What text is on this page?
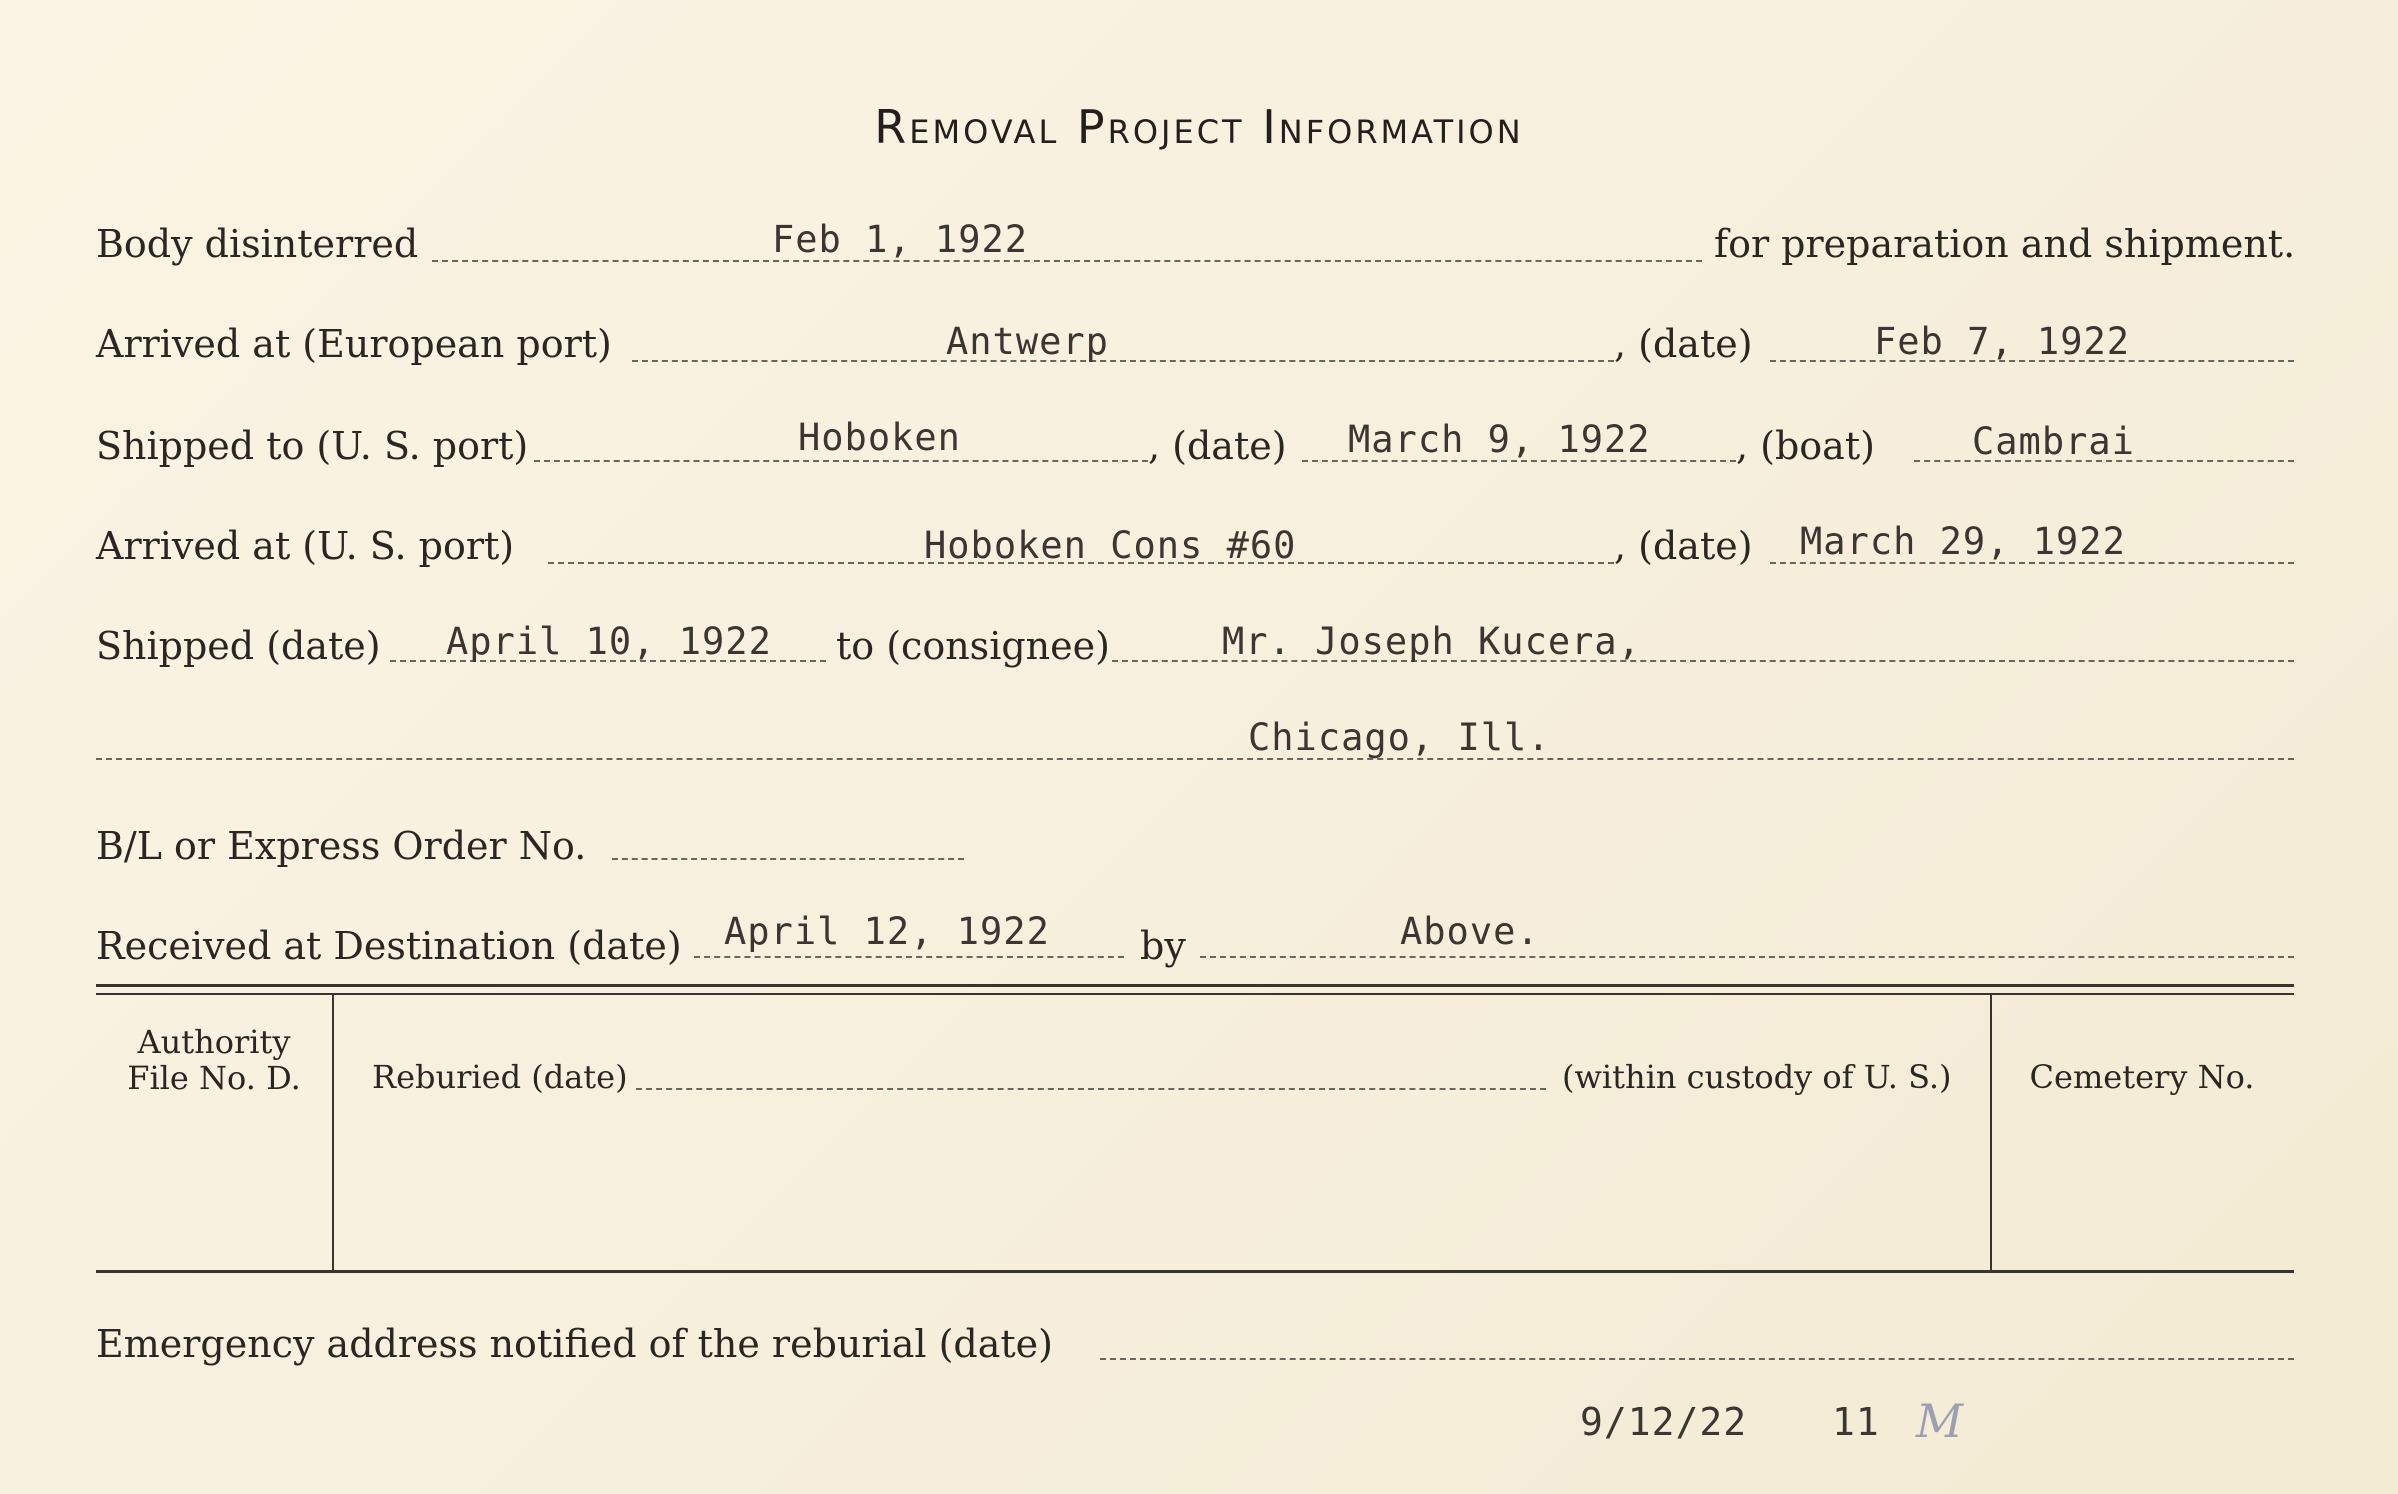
Removal Project Information
Body disinterred	Feb 1, 1922	for preparation and shipment.
Arrived at (European port)	Antwerp	, (date)	Feb 7, 1922
Shipped to (U. S. port)	Hoboken	, (date) March 9, 1922 , (boat)	Cambrai
Arrived at (U. S. port)	Hoboken Cons #60	, (date) March 29, 1922
Shipped (date) April 10, 1922 to (consignee)	Mr. Joseph Kucera,
Chicago, Ill.
B/L or Express Order No.
Received at Destination (date) April 12, 1922 by	Above.
Authority
File No. D.	Reburied (date)	(within custody of U. S.)	Cemetery No.
Emergency address notified of the reburial (date)
9/12/22 11 M
